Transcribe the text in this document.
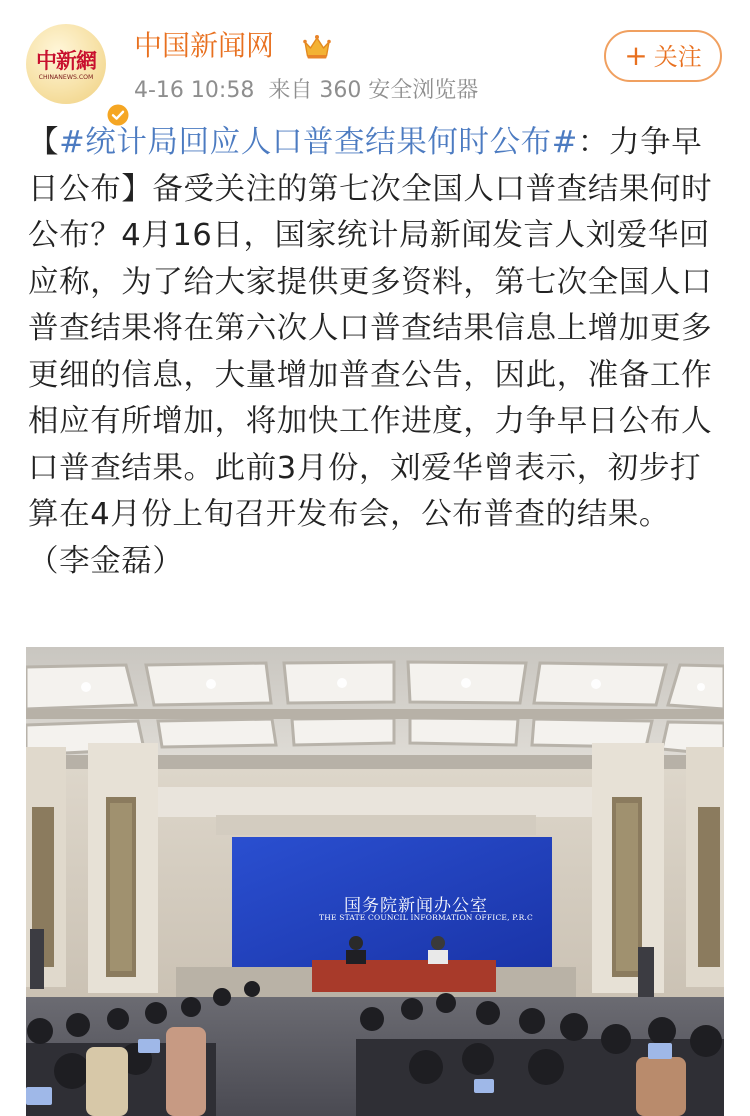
中新網
CHINANEWS.COM
中国新闻网
4-16 10:58 来自 360 安全浏览器
+ 关注
【#统计局回应人口普查结果何时公布#：力争早日公布】备受关注的第七次全国人口普查结果何时公布？4月16日，国家统计局新闻发言人刘爱华回应称，为了给大家提供更多资料，第七次全国人口普查结果将在第六次人口普查结果信息上增加更多更细的信息，大量增加普查公告，因此，准备工作相应有所增加，将加快工作进度，力争早日公布人口普查结果。此前3月份，刘爱华曾表示，初步打算在4月份上旬召开发布会，公布普查的结果。
（李金磊）
国务院新闻办公室
THE STATE COUNCIL INFORMATION OFFICE, P.R.C
